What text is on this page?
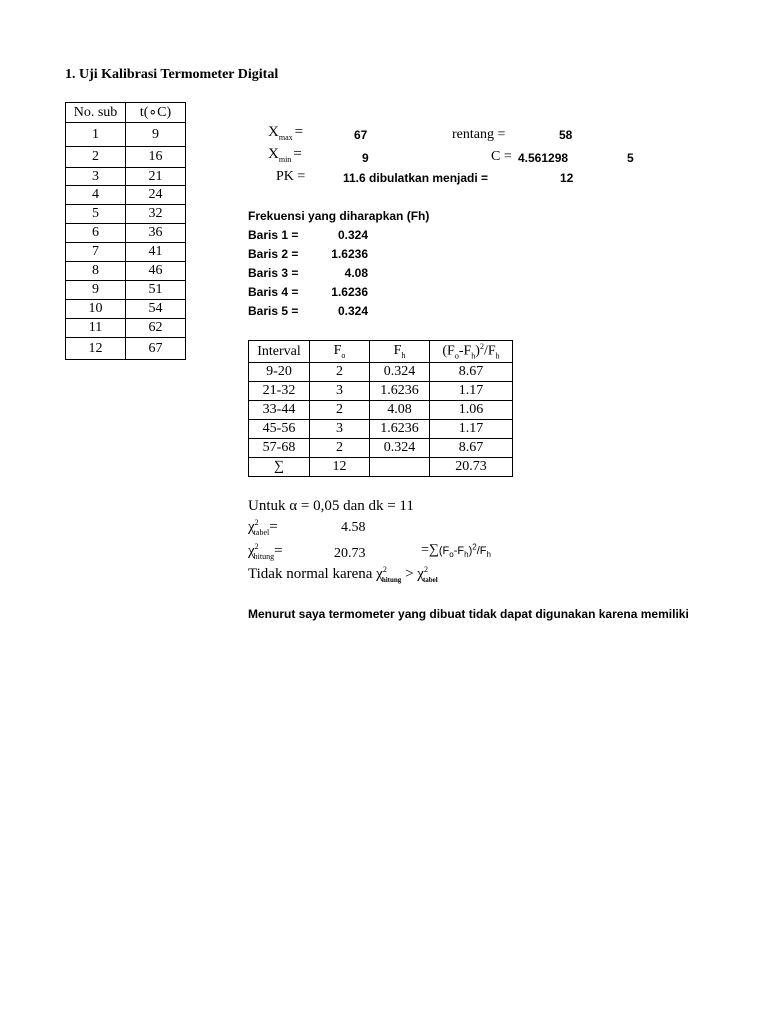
1. Uji Kalibrasi Termometer Digital
No. sub	t(∘C)
1	9
2	16
3	21
4	24
5	32
6	36
7	41
8	46
9	51
10	54
11	62
12	67
$X_{max}$ =	67	rentang =	58
$X_{min}$ =	9	C = 4.561298	5
PK =	11.6 dibulatkan menjadi =	12
Frekuensi yang diharapkan (Fh)
Baris 1 =	0.324
Baris 2 =	1.6236
Baris 3 =	4.08
Baris 4 =	1.6236
Baris 5 =	0.324
Interval	$F_o$	$F_h$	$(F_o-F_h)^2/F_h$
9-20	2	0.324	8.67
21-32	3	1.6236	1.17
33-44	2	4.08	1.06
45-56	3	1.6236	1.17
57-68	2	0.324	8.67
∑	12		20.73
Untuk α = 0,05 dan dk = 11
$\chi^2_{tabel}=$	4.58
$\chi^2_{hitung}=$	20.73	$=\sum(F_o-F_h)^2/F_h$
Tidak normal karena $\chi^2_{hitung} > \chi^2_{tabel}$
Menurut saya termometer yang dibuat tidak dapat digunakan karena memiliki
